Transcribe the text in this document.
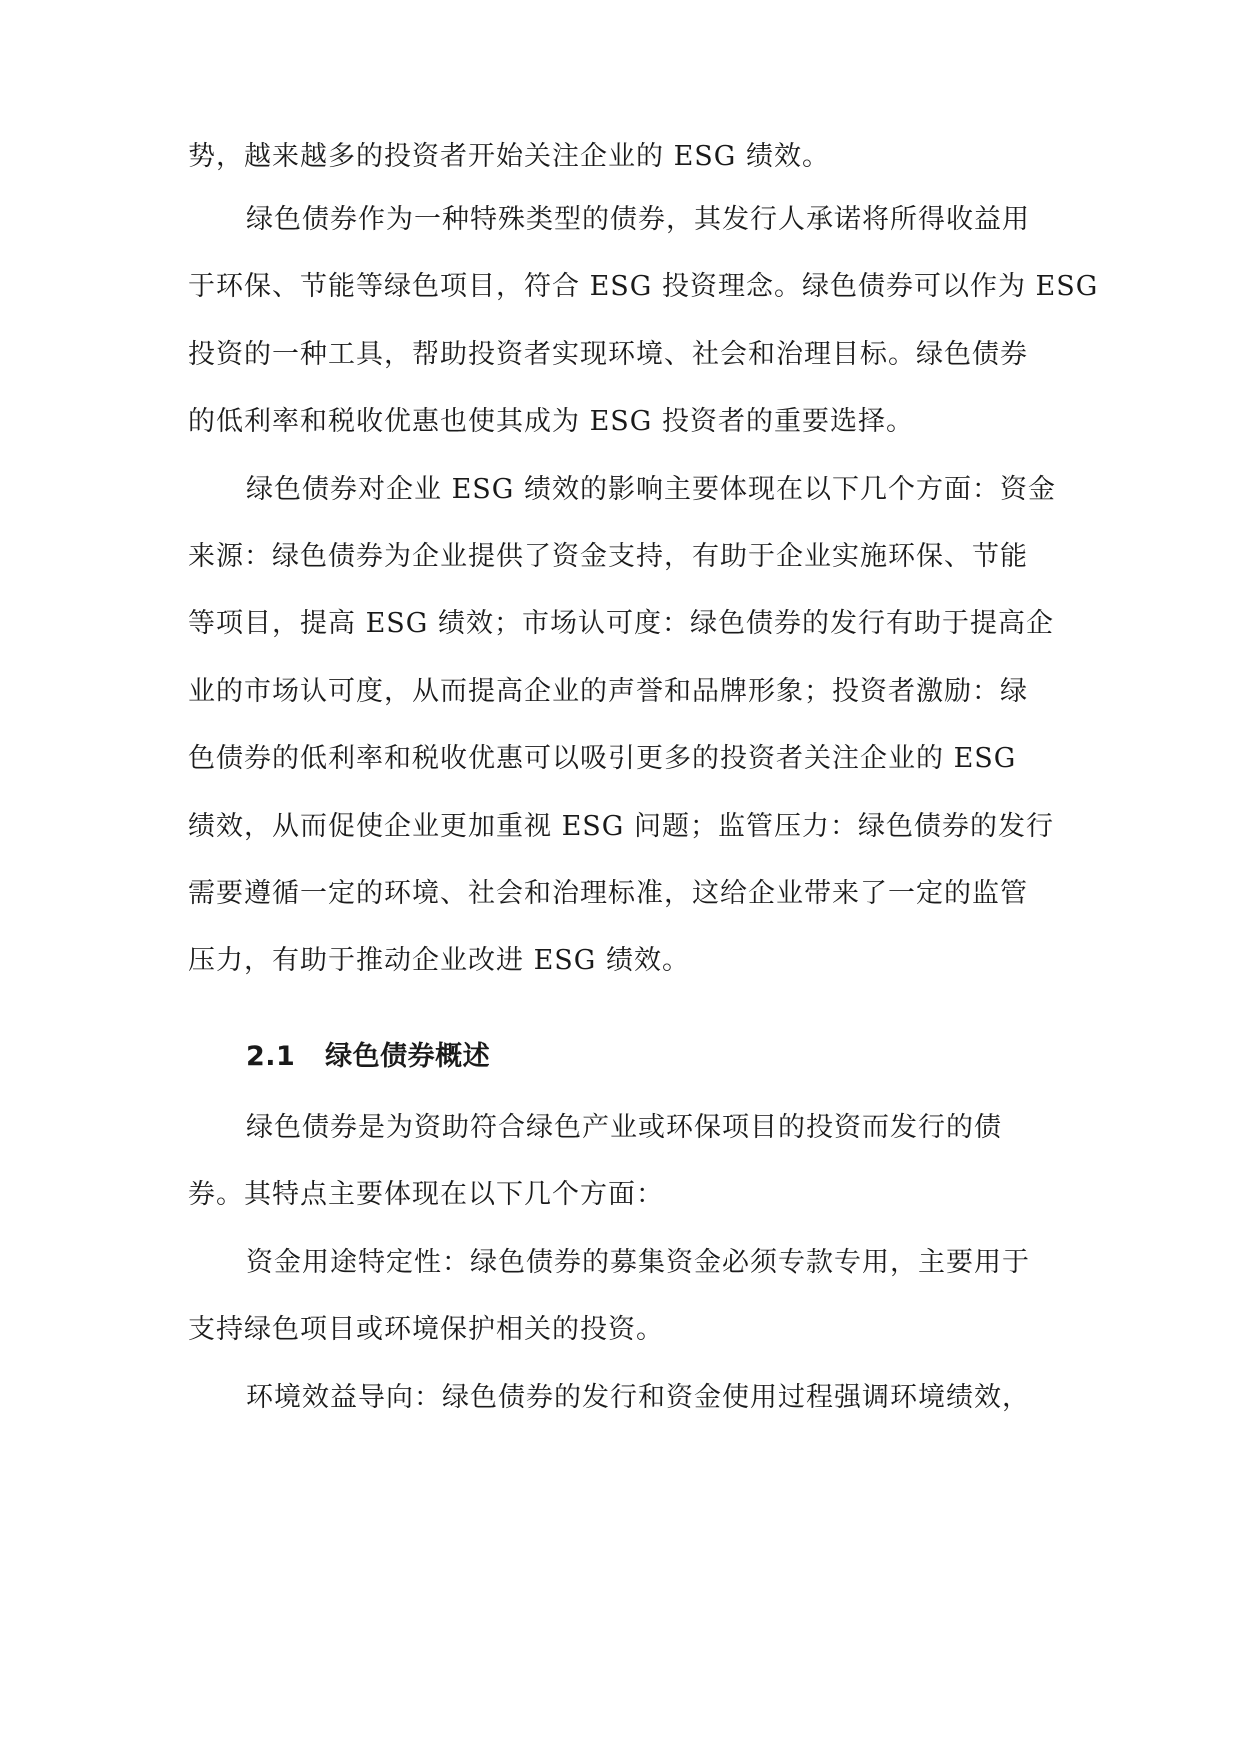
势，越来越多的投资者开始关注企业的 ESG 绩效。
绿色债券作为一种特殊类型的债券，其发行人承诺将所得收益用
于环保、节能等绿色项目，符合 ESG 投资理念。绿色债券可以作为 ESG
投资的一种工具，帮助投资者实现环境、社会和治理目标。绿色债券
的低利率和税收优惠也使其成为 ESG 投资者的重要选择。
绿色债券对企业 ESG 绩效的影响主要体现在以下几个方面：资金
来源：绿色债券为企业提供了资金支持，有助于企业实施环保、节能
等项目，提高 ESG 绩效；市场认可度：绿色债券的发行有助于提高企
业的市场认可度，从而提高企业的声誉和品牌形象；投资者激励：绿
色债券的低利率和税收优惠可以吸引更多的投资者关注企业的 ESG
绩效，从而促使企业更加重视 ESG 问题；监管压力：绿色债券的发行
需要遵循一定的环境、社会和治理标准，这给企业带来了一定的监管
压力，有助于推动企业改进 ESG 绩效。
2.1 绿色债券概述
绿色债券是为资助符合绿色产业或环保项目的投资而发行的债
券。其特点主要体现在以下几个方面：
资金用途特定性：绿色债券的募集资金必须专款专用，主要用于
支持绿色项目或环境保护相关的投资。
环境效益导向：绿色债券的发行和资金使用过程强调环境绩效，
